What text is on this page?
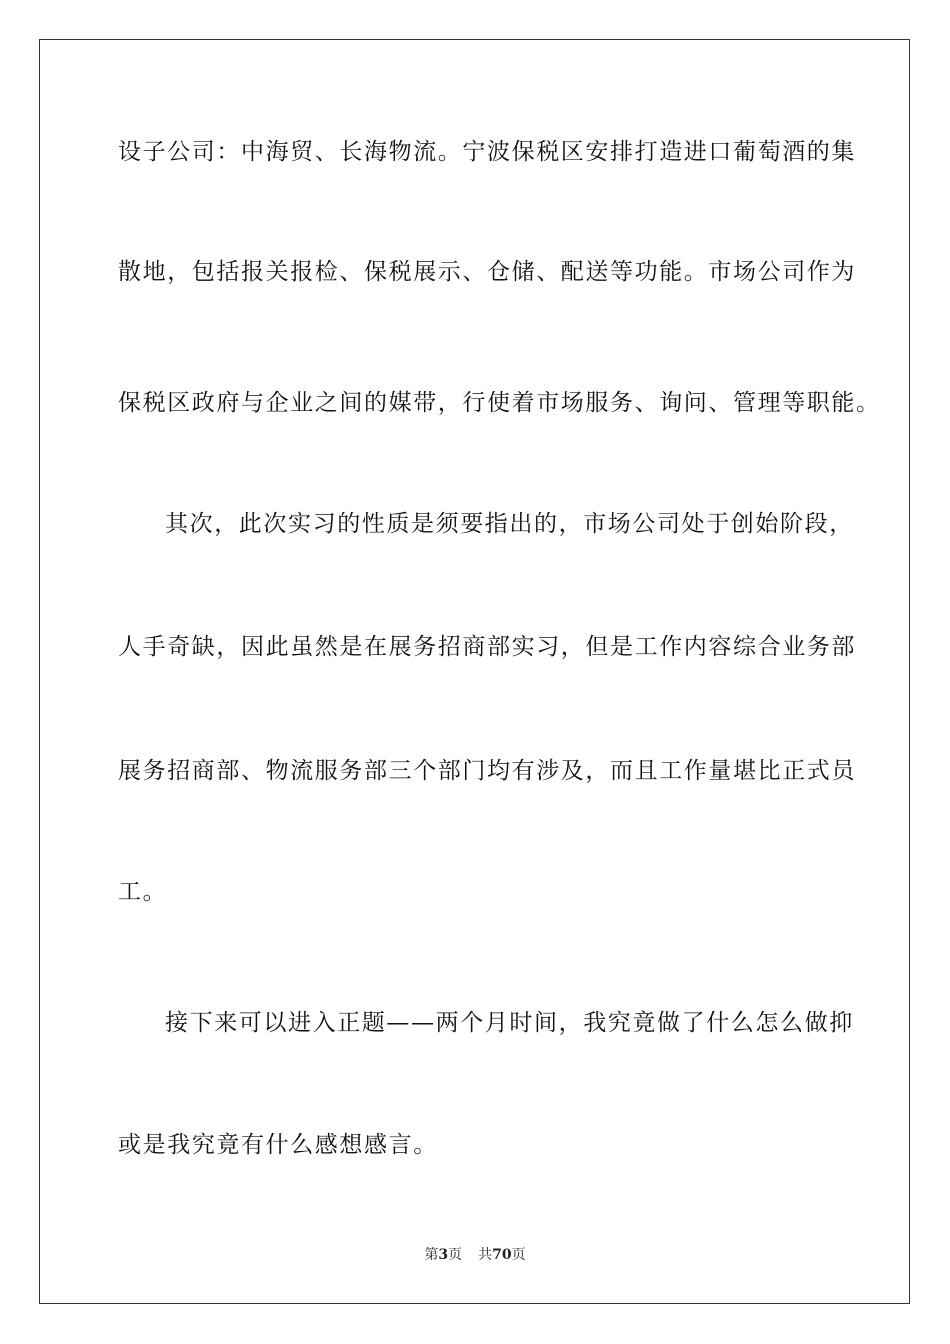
设子公司：中海贸、长海物流。宁波保税区安排打造进口葡萄酒的集
散地，包括报关报检、保税展示、仓储、配送等功能。市场公司作为
保税区政府与企业之间的媒带，行使着市场服务、询问、管理等职能。
其次，此次实习的性质是须要指出的，市场公司处于创始阶段，
人手奇缺，因此虽然是在展务招商部实习，但是工作内容综合业务部
展务招商部、物流服务部三个部门均有涉及，而且工作量堪比正式员
工。
接下来可以进入正题——两个月时间，我究竟做了什么怎么做抑
或是我究竟有什么感想感言。
第3页 共70页
